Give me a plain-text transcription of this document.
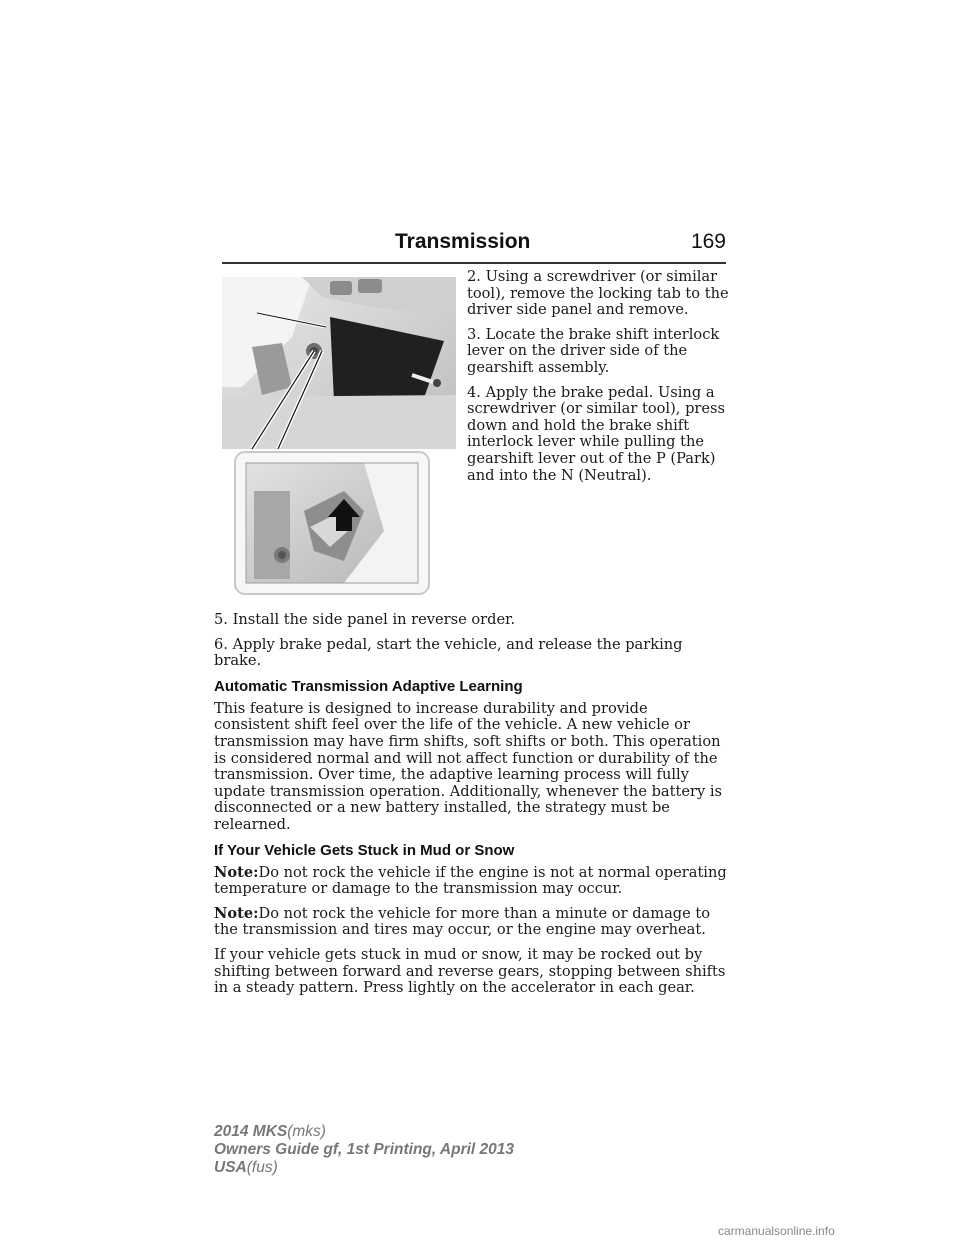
Transmission	169

2. Using a screwdriver (or similar tool), remove the locking tab to the driver side panel and remove.

3. Locate the brake shift interlock lever on the driver side of the gearshift assembly.

4. Apply the brake pedal. Using a screwdriver (or similar tool), press down and hold the brake shift interlock lever while pulling the gearshift lever out of the P (Park) and into the N (Neutral).

5. Install the side panel in reverse order.

6. Apply brake pedal, start the vehicle, and release the parking brake.

Automatic Transmission Adaptive Learning

This feature is designed to increase durability and provide consistent shift feel over the life of the vehicle. A new vehicle or transmission may have firm shifts, soft shifts or both. This operation is considered normal and will not affect function or durability of the transmission. Over time, the adaptive learning process will fully update transmission operation. Additionally, whenever the battery is disconnected or a new battery installed, the strategy must be relearned.

If Your Vehicle Gets Stuck in Mud or Snow

Note:Do not rock the vehicle if the engine is not at normal operating temperature or damage to the transmission may occur.

Note:Do not rock the vehicle for more than a minute or damage to the transmission and tires may occur, or the engine may overheat.

If your vehicle gets stuck in mud or snow, it may be rocked out by shifting between forward and reverse gears, stopping between shifts in a steady pattern. Press lightly on the accelerator in each gear.

2014 MKS(mks)
Owners Guide gf, 1st Printing, April 2013
USA(fus)
carmanualsonline.info
